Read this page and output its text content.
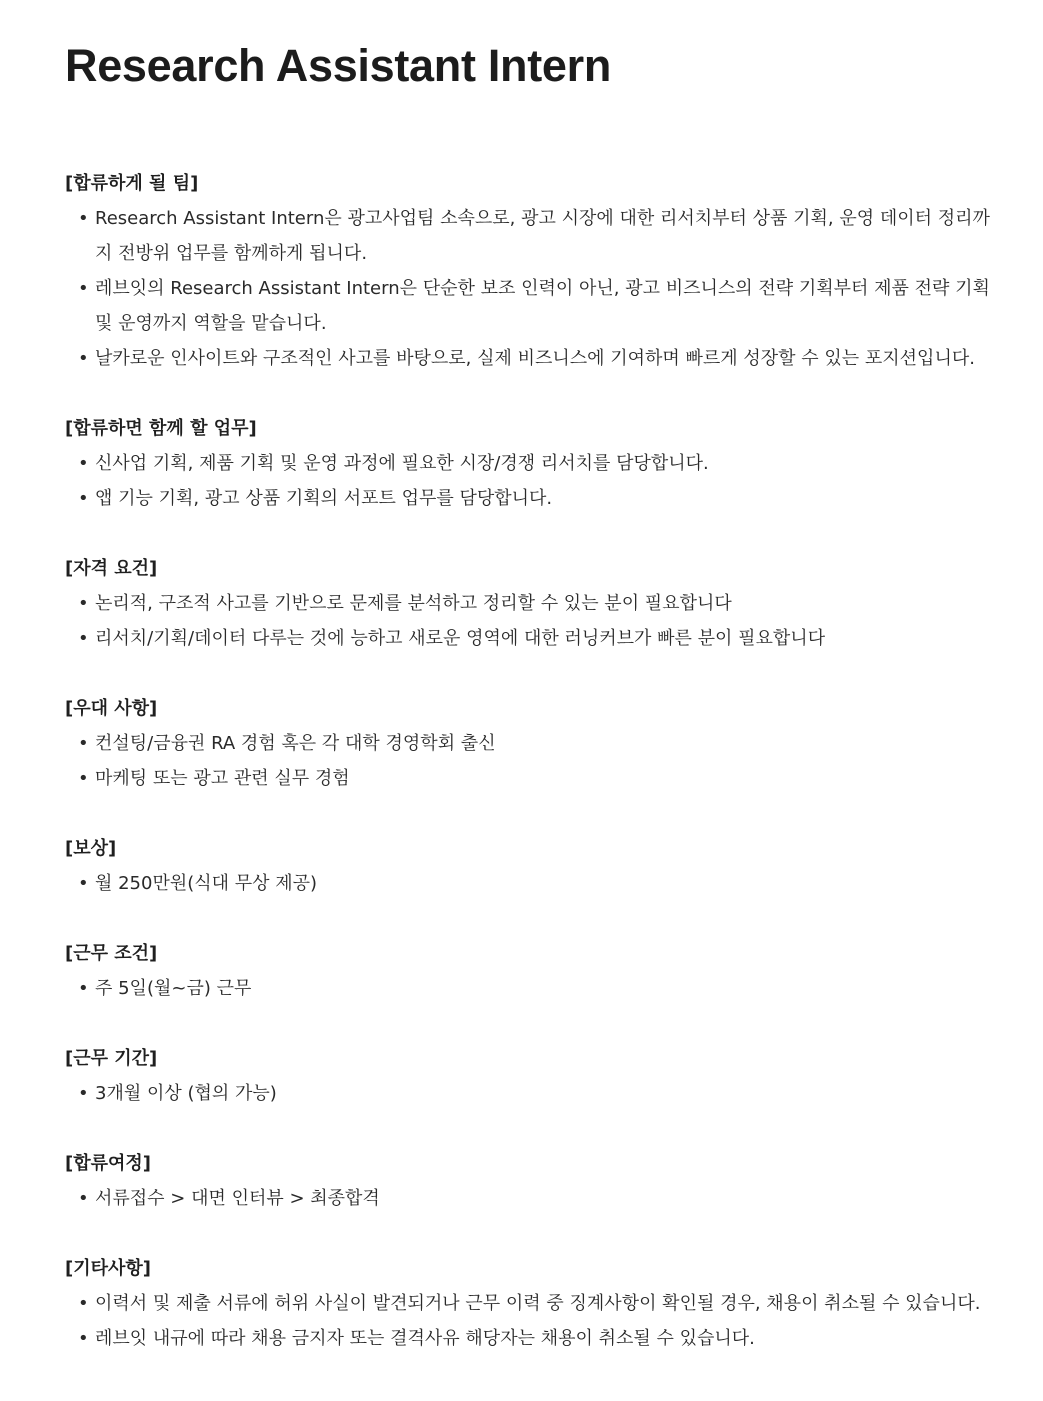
Research Assistant Intern
[합류하게 될 팀]
• Research Assistant Intern은 광고사업팀 소속으로, 광고 시장에 대한 리서치부터 상품 기획, 운영 데이터 정리까지 전방위 업무를 함께하게 됩니다.
• 레브잇의 Research Assistant Intern은 단순한 보조 인력이 아닌, 광고 비즈니스의 전략 기획부터 제품 전략 기획 및 운영까지 역할을 맡습니다.
• 날카로운 인사이트와 구조적인 사고를 바탕으로, 실제 비즈니스에 기여하며 빠르게 성장할 수 있는 포지션입니다.
[합류하면 함께 할 업무]
• 신사업 기획, 제품 기획 및 운영 과정에 필요한 시장/경쟁 리서치를 담당합니다.
• 앱 기능 기획, 광고 상품 기획의 서포트 업무를 담당합니다.
[자격 요건]
• 논리적, 구조적 사고를 기반으로 문제를 분석하고 정리할 수 있는 분이 필요합니다
• 리서치/기획/데이터 다루는 것에 능하고 새로운 영역에 대한 러닝커브가 빠른 분이 필요합니다
[우대 사항]
• 컨설팅/금융권 RA 경험 혹은 각 대학 경영학회 출신
• 마케팅 또는 광고 관련 실무 경험
[보상]
• 월 250만원(식대 무상 제공)
[근무 조건]
• 주 5일(월~금) 근무
[근무 기간]
• 3개월 이상 (협의 가능)
[합류여정]
• 서류접수 > 대면 인터뷰 > 최종합격
[기타사항]
• 이력서 및 제출 서류에 허위 사실이 발견되거나 근무 이력 중 징계사항이 확인될 경우, 채용이 취소될 수 있습니다.
• 레브잇 내규에 따라 채용 금지자 또는 결격사유 해당자는 채용이 취소될 수 있습니다.
